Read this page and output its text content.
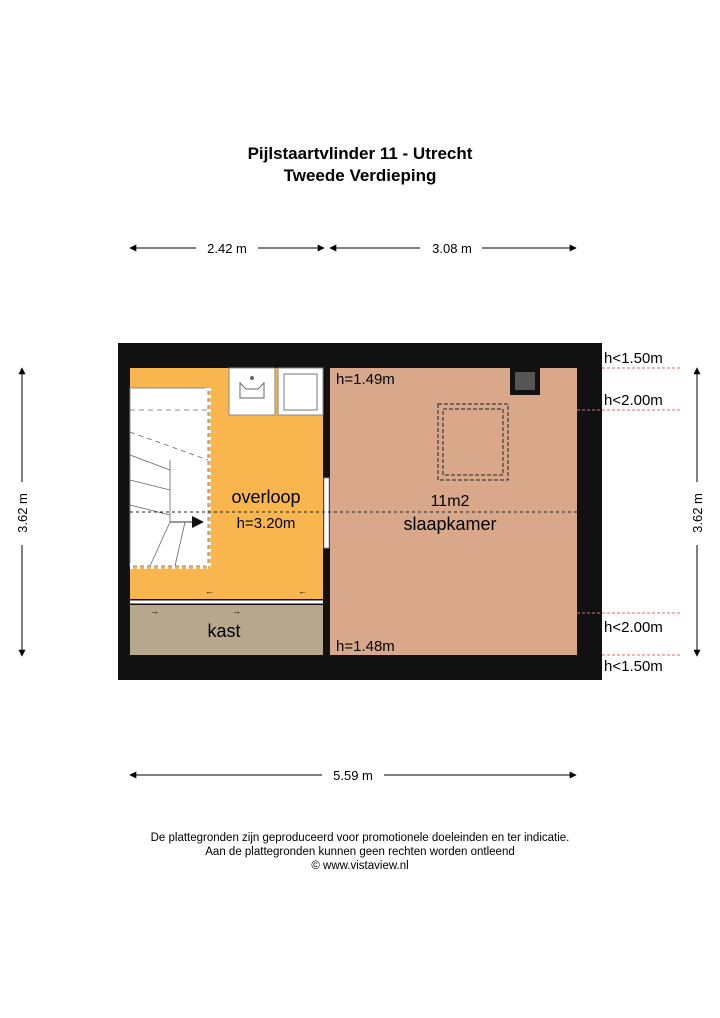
Pijlstaartvlinder 11 - Utrecht
Tweede Verdieping
2.42 m	3.08 m
5.59 m
3.62 m	3.62 m
→	→
←	←
h<1.50m
h<2.00m
h<2.00m
h<1.50m
overloop
h=3.20m
kast
11m2
slaapkamer
h=1.49m
h=1.48m
De plattegronden zijn geproduceerd voor promotionele doeleinden en ter indicatie.
Aan de plattegronden kunnen geen rechten worden ontleend
© www.vistaview.nl
